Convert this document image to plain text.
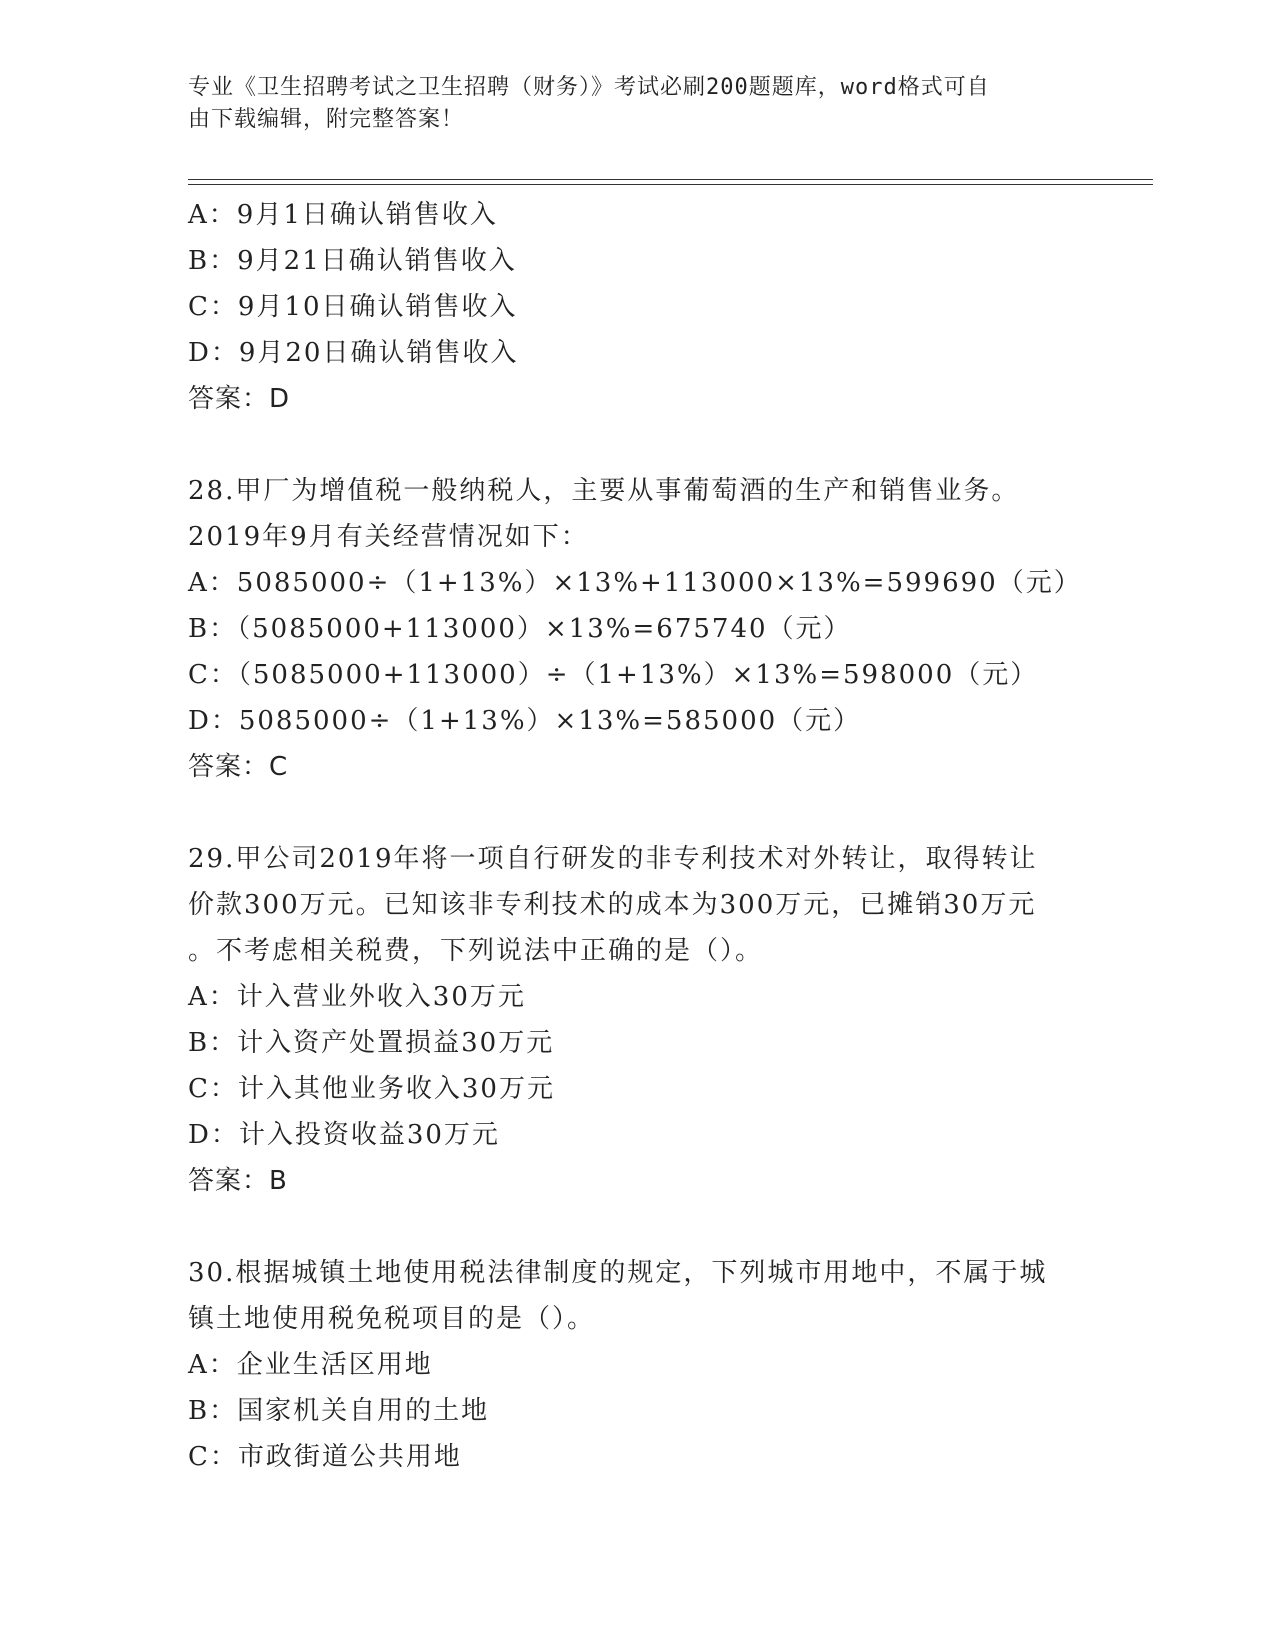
专业《卫生招聘考试之卫生招聘（财务）》考试必刷200题题库，word格式可自
由下载编辑，附完整答案！
A：9月1日确认销售收入
B：9月21日确认销售收入
C：9月10日确认销售收入
D：9月20日确认销售收入
答案：D
28.甲厂为增值税一般纳税人，主要从事葡萄酒的生产和销售业务。
2019年9月有关经营情况如下：
A：5085000÷（1+13%）×13%+113000×13%=599690（元）
B：（5085000+113000）×13%=675740（元）
C：（5085000+113000）÷（1+13%）×13%=598000（元）
D：5085000÷（1+13%）×13%=585000（元）
答案：C
29.甲公司2019年将一项自行研发的非专利技术对外转让，取得转让
价款300万元。已知该非专利技术的成本为300万元，已摊销30万元
。不考虑相关税费，下列说法中正确的是（）。
A：计入营业外收入30万元
B：计入资产处置损益30万元
C：计入其他业务收入30万元
D：计入投资收益30万元
答案：B
30.根据城镇土地使用税法律制度的规定，下列城市用地中，不属于城
镇土地使用税免税项目的是（）。
A：企业生活区用地
B：国家机关自用的土地
C：市政街道公共用地
